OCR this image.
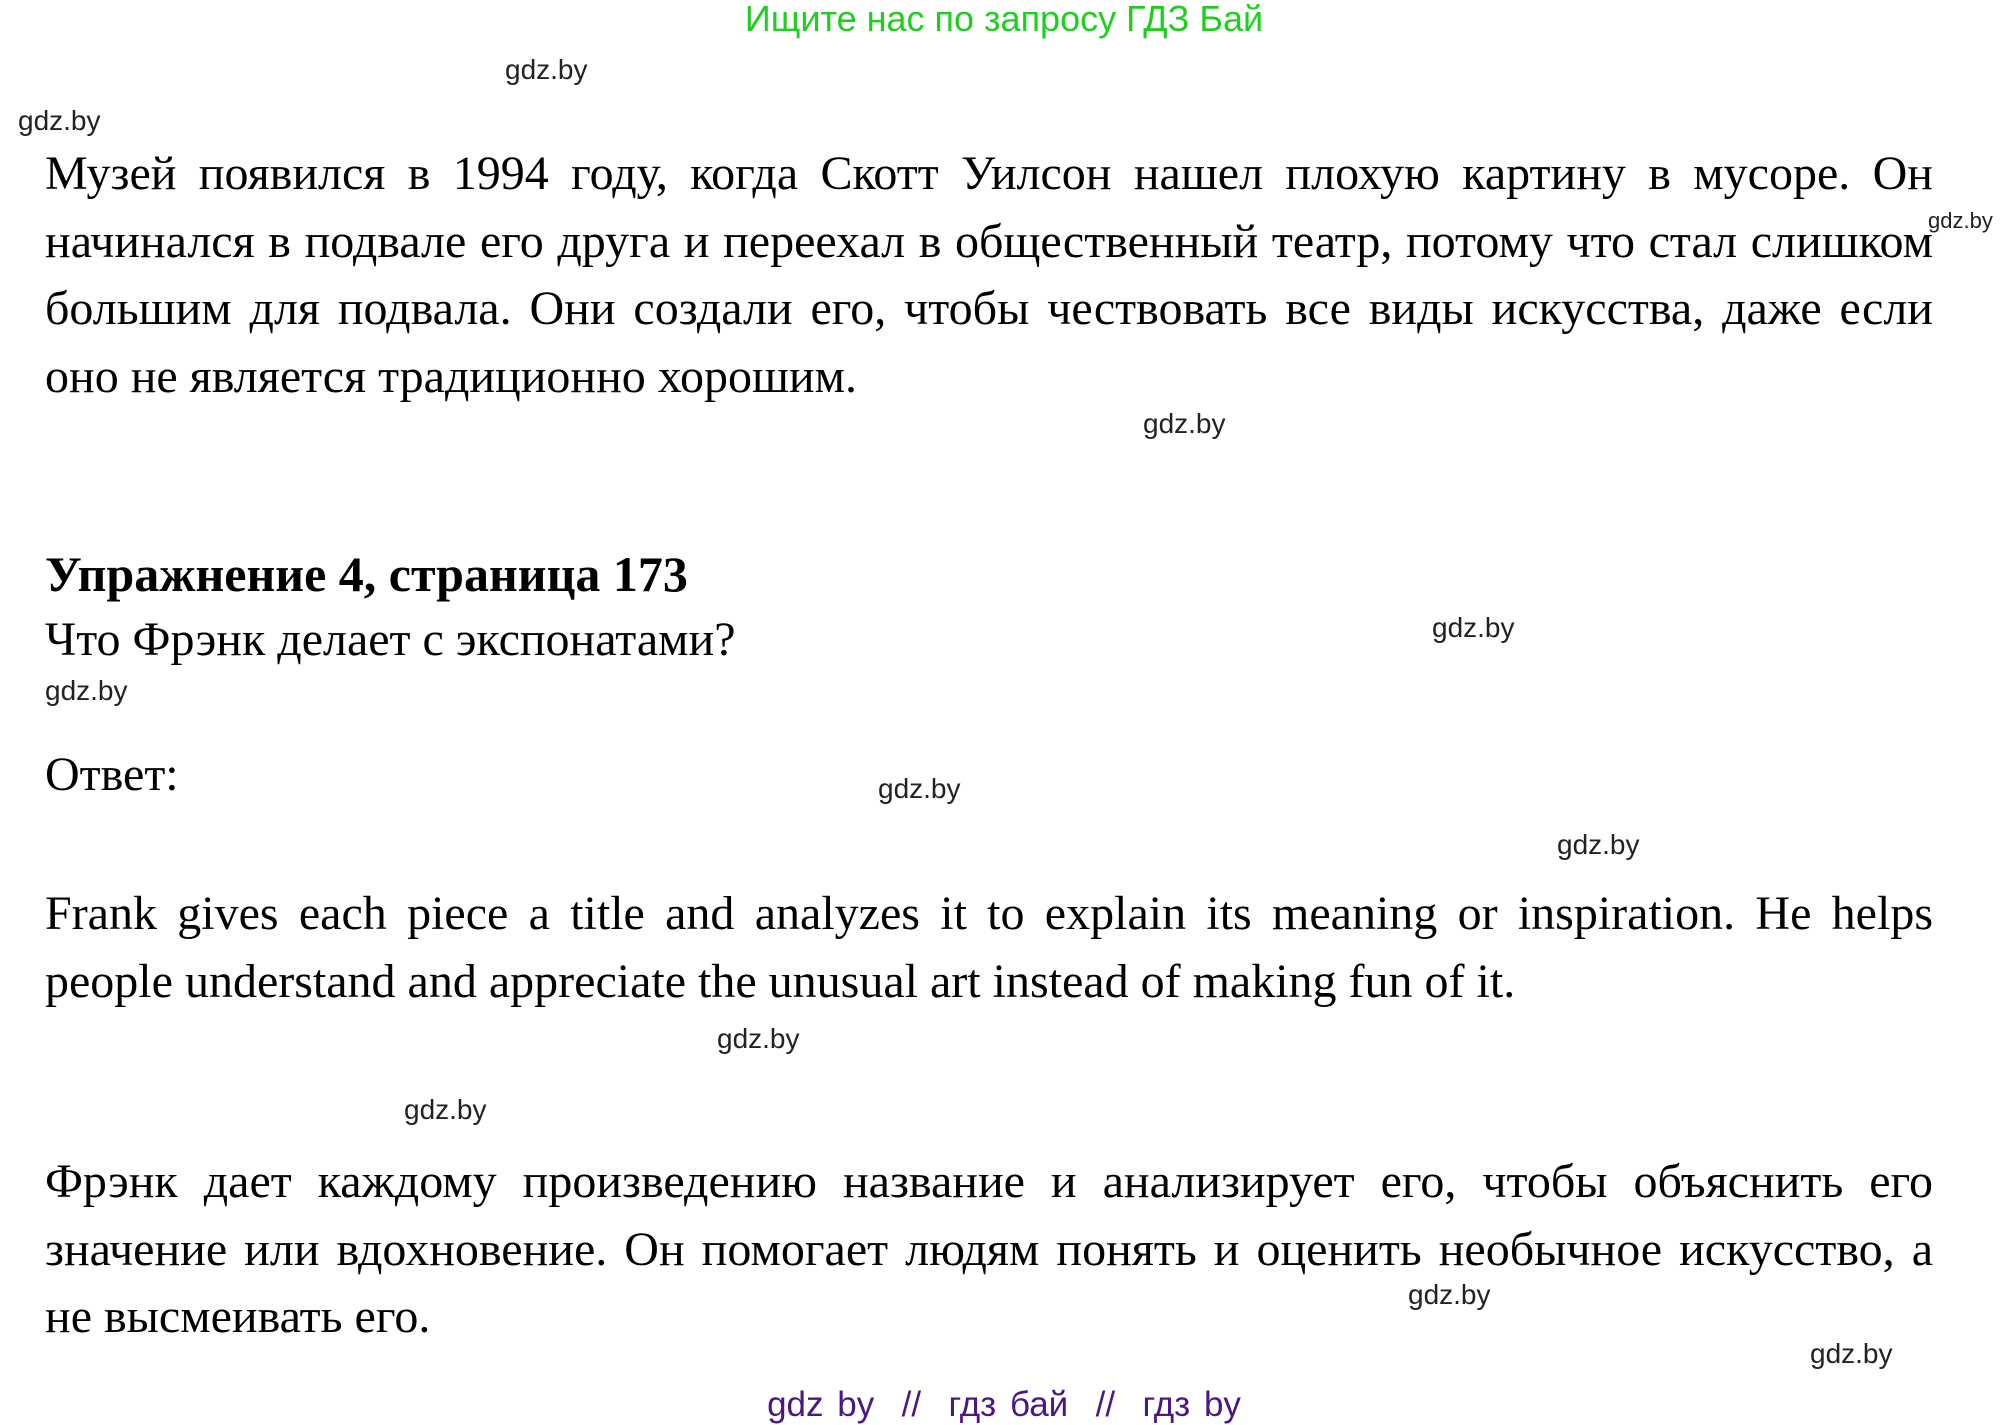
Ищите нас по запросу ГДЗ Бай
gdz.by
gdz.by
Музей появился в 1994 году, когда Скотт Уилсон нашел плохую картину в мусоре. Он начинался в подвале его друга и переехал в общественный театр, потому что стал слишком большим для подвала. Они создали его, чтобы чествовать все виды искусства, даже если оно не является традиционно хорошим.
gdz.by
gdz.by
Упражнение 4, страница 173
Что Фрэнк делает с экспонатами?	gdz.by
gdz.by
Ответ:	gdz.by
gdz.by
Frank gives each piece a title and analyzes it to explain its meaning or inspiration. He helps people understand and appreciate the unusual art instead of making fun of it.
gdz.by
gdz.by
Фрэнк дает каждому произведению название и анализирует его, чтобы объяснить его значение или вдохновение. Он помогает людям понять и оценить необычное искусство, а не высмеивать его.	gdz.by
gdz.by
gdz by  //  гдз бай  //  гдз by
